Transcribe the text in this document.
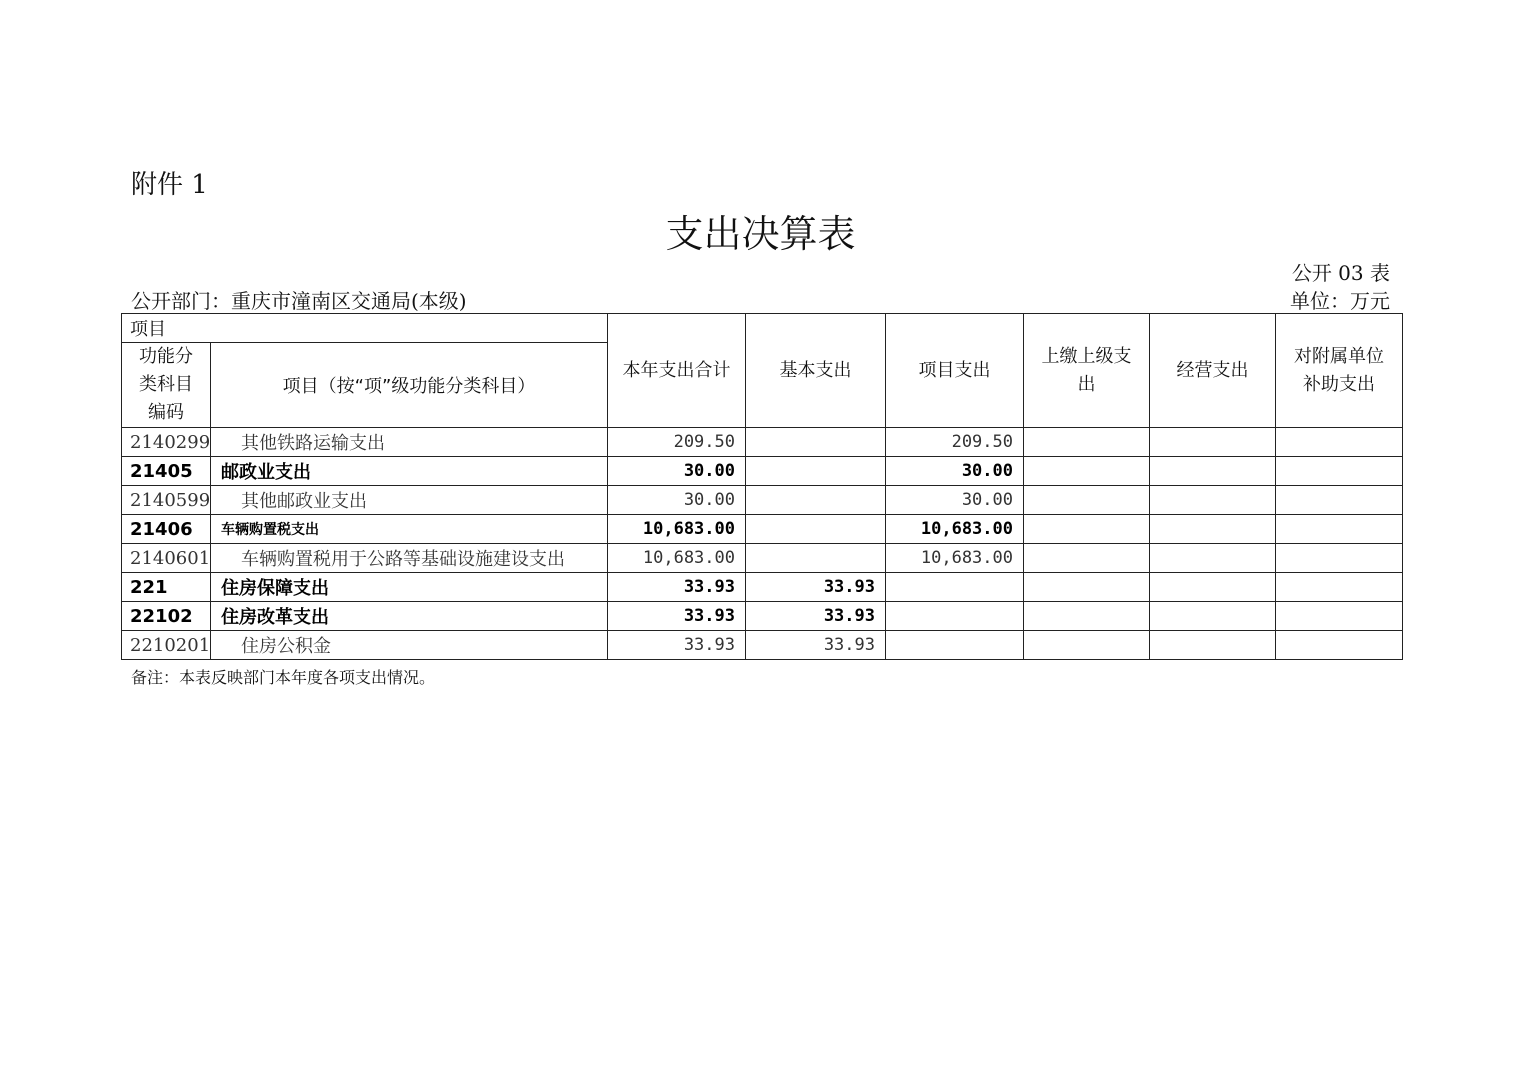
附件 1
支出决算表
公开 03 表
公开部门：重庆市潼南区交通局(本级)	单位：万元
项目		本年支出合计	基本支出	项目支出	上缴上级支出	经营支出	对附属单位补助支出

功能分类科目编码	项目（按“项”级功能分类科目）						
2140299	其他铁路运输支出	209.50		209.50			
21405	邮政业支出	30.00		30.00			
2140599	其他邮政业支出	30.00		30.00			
21406	车辆购置税支出	10,683.00		10,683.00			
2140601	车辆购置税用于公路等基础设施建设支出	10,683.00		10,683.00			
221	住房保障支出	33.93	33.93				
22102	住房改革支出	33.93	33.93				
2210201	住房公积金	33.93	33.93				
备注：本表反映部门本年度各项支出情况。
